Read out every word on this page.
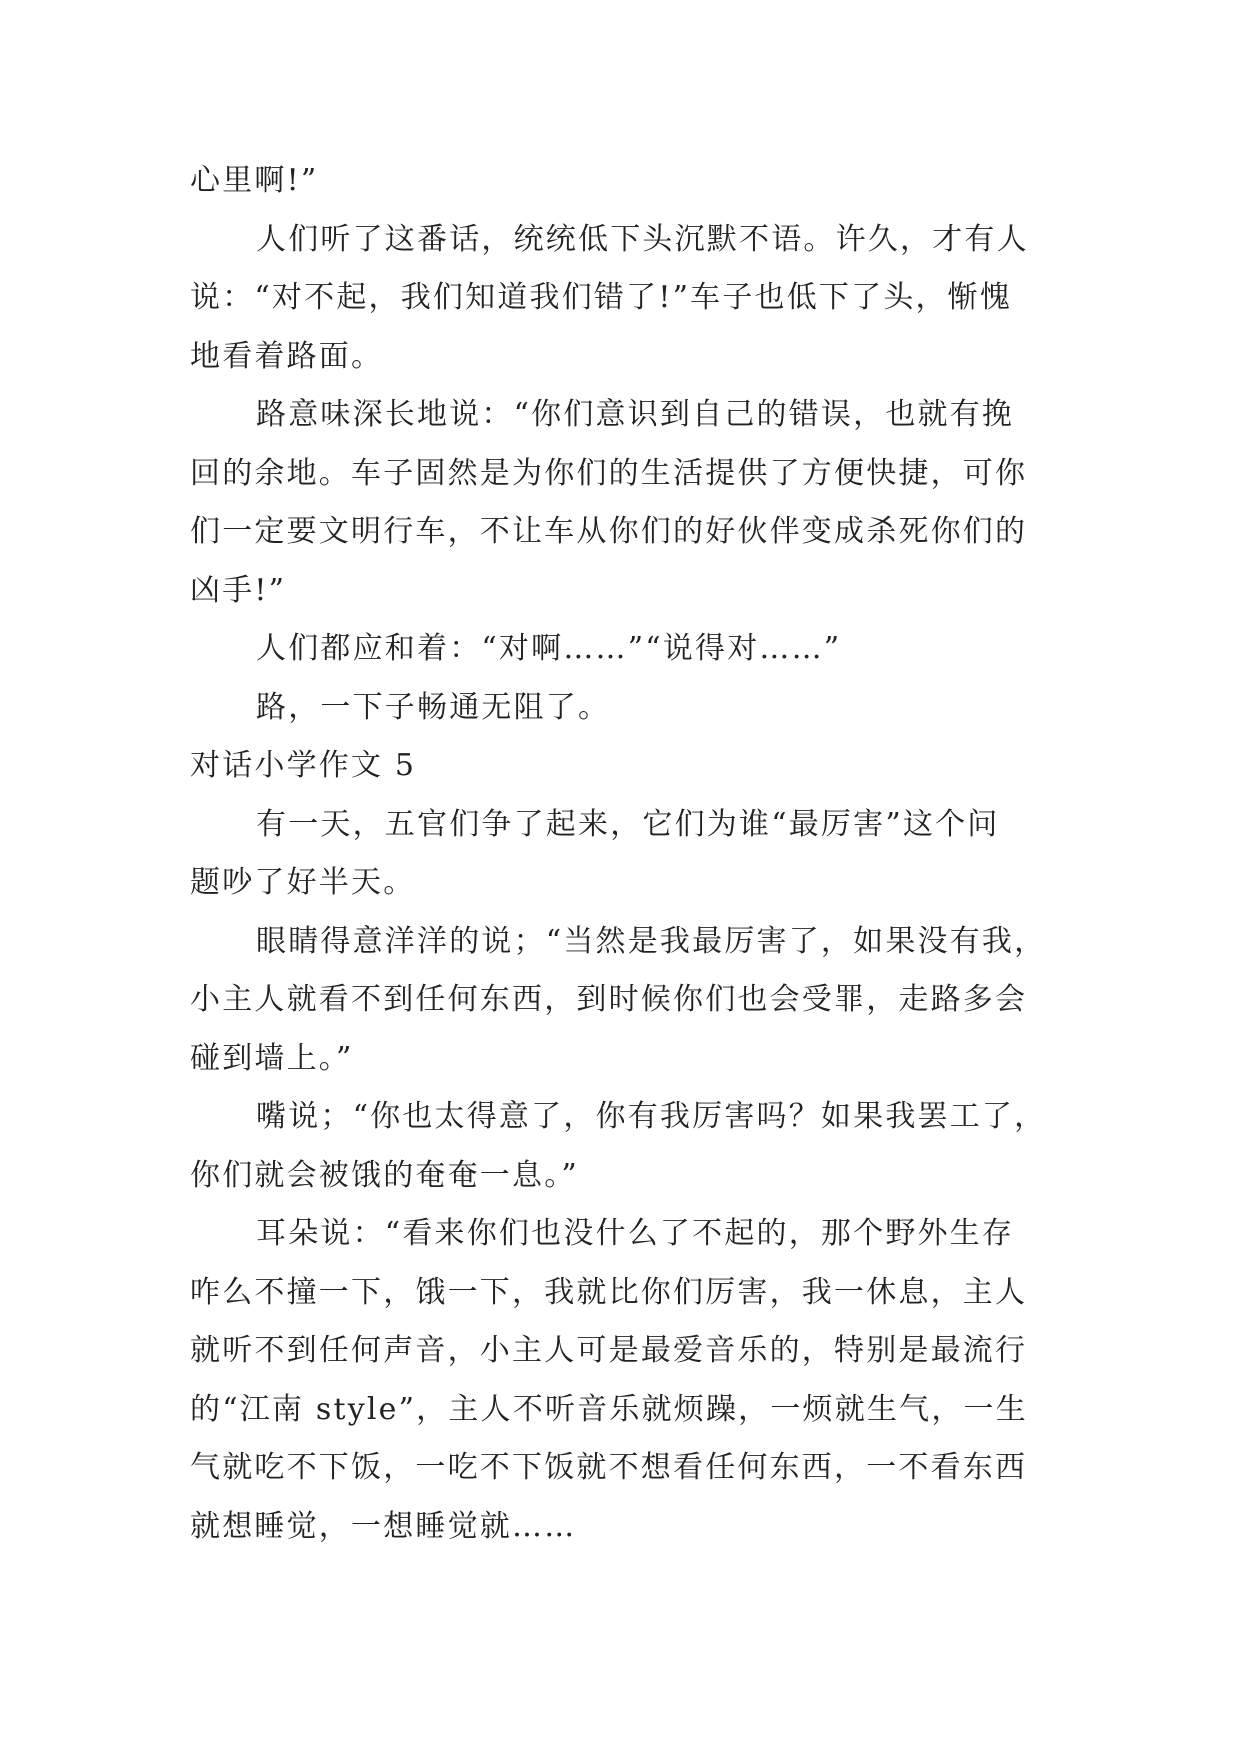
心里啊!”
人们听了这番话，统统低下头沉默不语。许久，才有人
说：“对不起，我们知道我们错了!”车子也低下了头，惭愧
地看着路面。
路意味深长地说：“你们意识到自己的错误，也就有挽
回的余地。车子固然是为你们的生活提供了方便快捷，可你
们一定要文明行车，不让车从你们的好伙伴变成杀死你们的
凶手!”
人们都应和着：“对啊……”“说得对……”
路，一下子畅通无阻了。
对话小学作文 5
有一天，五官们争了起来，它们为谁“最厉害”这个问
题吵了好半天。
眼睛得意洋洋的说；“当然是我最厉害了，如果没有我，
小主人就看不到任何东西，到时候你们也会受罪，走路多会
碰到墙上。”
嘴说；“你也太得意了，你有我厉害吗？如果我罢工了，
你们就会被饿的奄奄一息。”
耳朵说：“看来你们也没什么了不起的，那个野外生存
咋么不撞一下，饿一下，我就比你们厉害，我一休息，主人
就听不到任何声音，小主人可是最爱音乐的，特别是最流行
的“江南 style”，主人不听音乐就烦躁，一烦就生气，一生
气就吃不下饭，一吃不下饭就不想看任何东西，一不看东西
就想睡觉，一想睡觉就……
